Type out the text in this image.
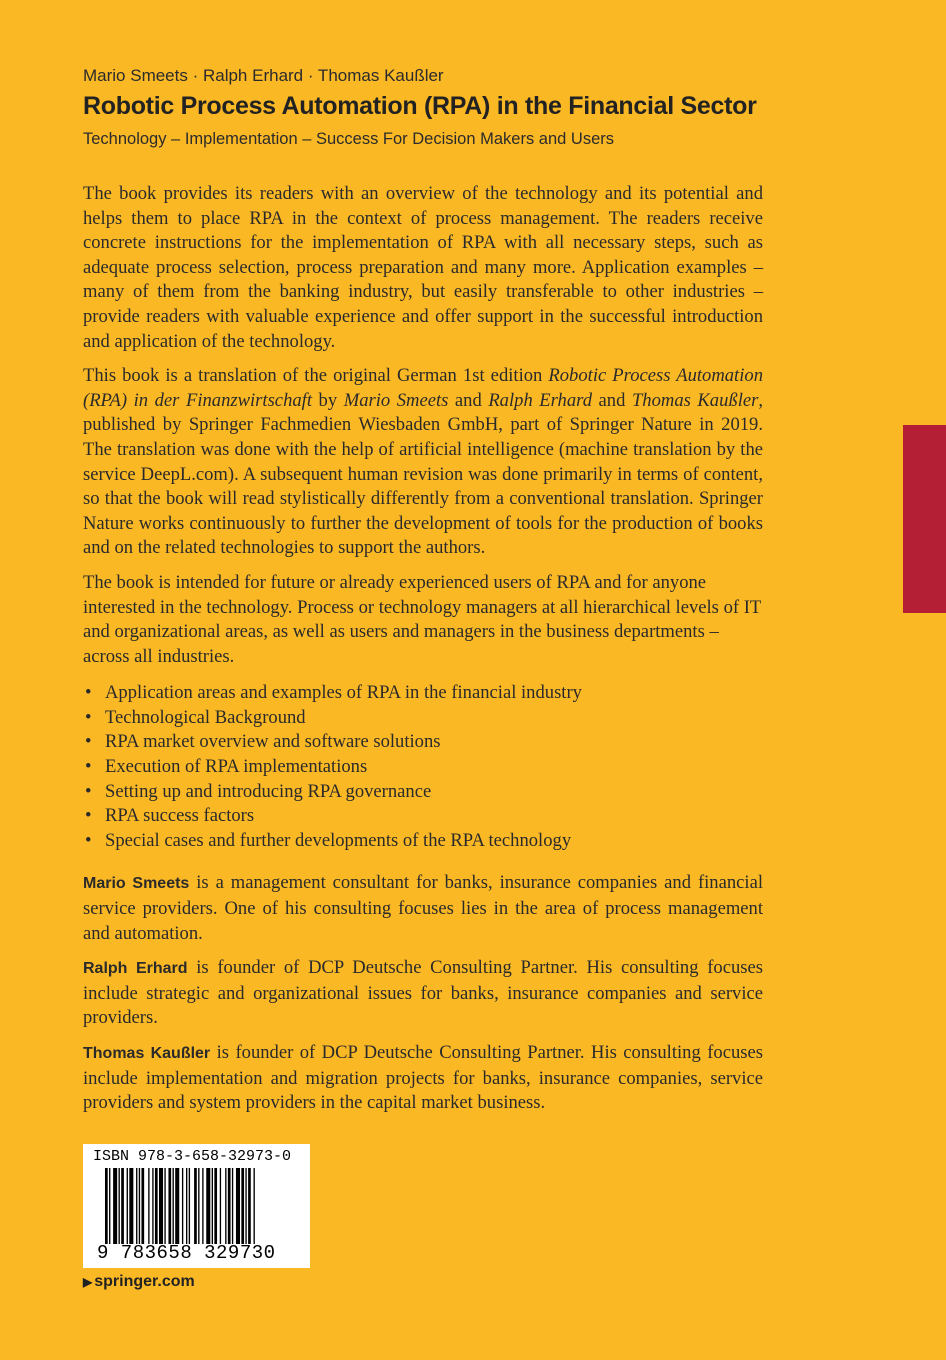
Mario Smeets · Ralph Erhard · Thomas Kaußler
Robotic Process Automation (RPA) in the Financial Sector
Technology – Implementation – Success For Decision Makers and Users

The book provides its readers with an overview of the technology and its potential and helps them to place RPA in the context of process management. The readers receive concrete instructions for the implementation of RPA with all necessary steps, such as adequate process selection, process preparation and many more. Application examples – many of them from the banking industry, but easily transferable to other industries – provide readers with valuable experience and offer support in the successful introduction and application of the technology.

This book is a translation of the original German 1st edition Robotic Process Automation (RPA) in der Finanzwirtschaft by Mario Smeets and Ralph Erhard and Thomas Kaußler, published by Springer Fachmedien Wiesbaden GmbH, part of Springer Nature in 2019. The translation was done with the help of artificial intelligence (machine translation by the service DeepL.com). A subsequent human revision was done primarily in terms of content, so that the book will read stylistically differently from a conventional translation. Springer Nature works continuously to further the development of tools for the production of books and on the related technologies to support the authors.

The book is intended for future or already experienced users of RPA and for anyone interested in the technology. Process or technology managers at all hierarchical levels of IT and organizational areas, as well as users and managers in the business departments – across all industries.

• Application areas and examples of RPA in the financial industry
• Technological Background
• RPA market overview and software solutions
• Execution of RPA implementations
• Setting up and introducing RPA governance
• RPA success factors
• Special cases and further developments of the RPA technology

Mario Smeets is a management consultant for banks, insurance companies and financial service providers. One of his consulting focuses lies in the area of process management and automation.

Ralph Erhard is founder of DCP Deutsche Consulting Partner. His consulting focuses include strategic and organizational issues for banks, insurance companies and service providers.

Thomas Kaußler is founder of DCP Deutsche Consulting Partner. His consulting focuses include implementation and migration projects for banks, insurance companies, service providers and system providers in the capital market business.

ISBN 978-3-658-32973-0
9 783658 329730
▶ springer.com
